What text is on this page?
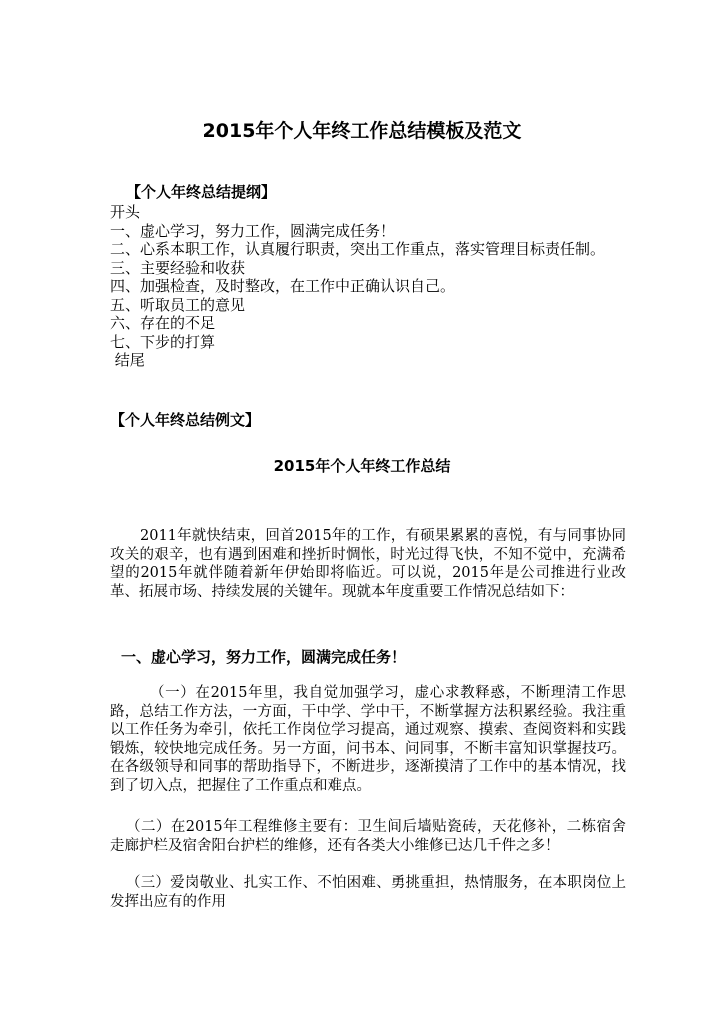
2015年个人年终工作总结模板及范文
【个人年终总结提纲】
开头
一、虚心学习，努力工作，圆满完成任务！
二、心系本职工作，认真履行职责，突出工作重点，落实管理目标责任制。
三、主要经验和收获
四、加强检查，及时整改，在工作中正确认识自己。
五、听取员工的意见
六、存在的不足
七、下步的打算
结尾
【个人年终总结例文】
2015年个人年终工作总结

2011年就快结束，回首2015年的工作，有硕果累累的喜悦，有与同事协同攻关的艰辛，也有遇到困难和挫折时惆怅，时光过得飞快，不知不觉中，充满希望的2015年就伴随着新年伊始即将临近。可以说，2015年是公司推进行业改革、拓展市场、持续发展的关键年。现就本年度重要工作情况总结如下：

一、虚心学习，努力工作，圆满完成任务！

（一）在2015年里，我自觉加强学习，虚心求教释惑，不断理清工作思路，总结工作方法，一方面，干中学、学中干，不断掌握方法积累经验。我注重以工作任务为牵引，依托工作岗位学习提高，通过观察、摸索、查阅资料和实践锻炼，较快地完成任务。另一方面，问书本、问同事，不断丰富知识掌握技巧。在各级领导和同事的帮助指导下，不断进步，逐渐摸清了工作中的基本情况，找到了切入点，把握住了工作重点和难点。

（二）在2015年工程维修主要有：卫生间后墙贴瓷砖，天花修补，二栋宿舍走廊护栏及宿舍阳台护栏的维修，还有各类大小维修已达几千件之多！

（三）爱岗敬业、扎实工作、不怕困难、勇挑重担，热情服务，在本职岗位上发挥出应有的作用
